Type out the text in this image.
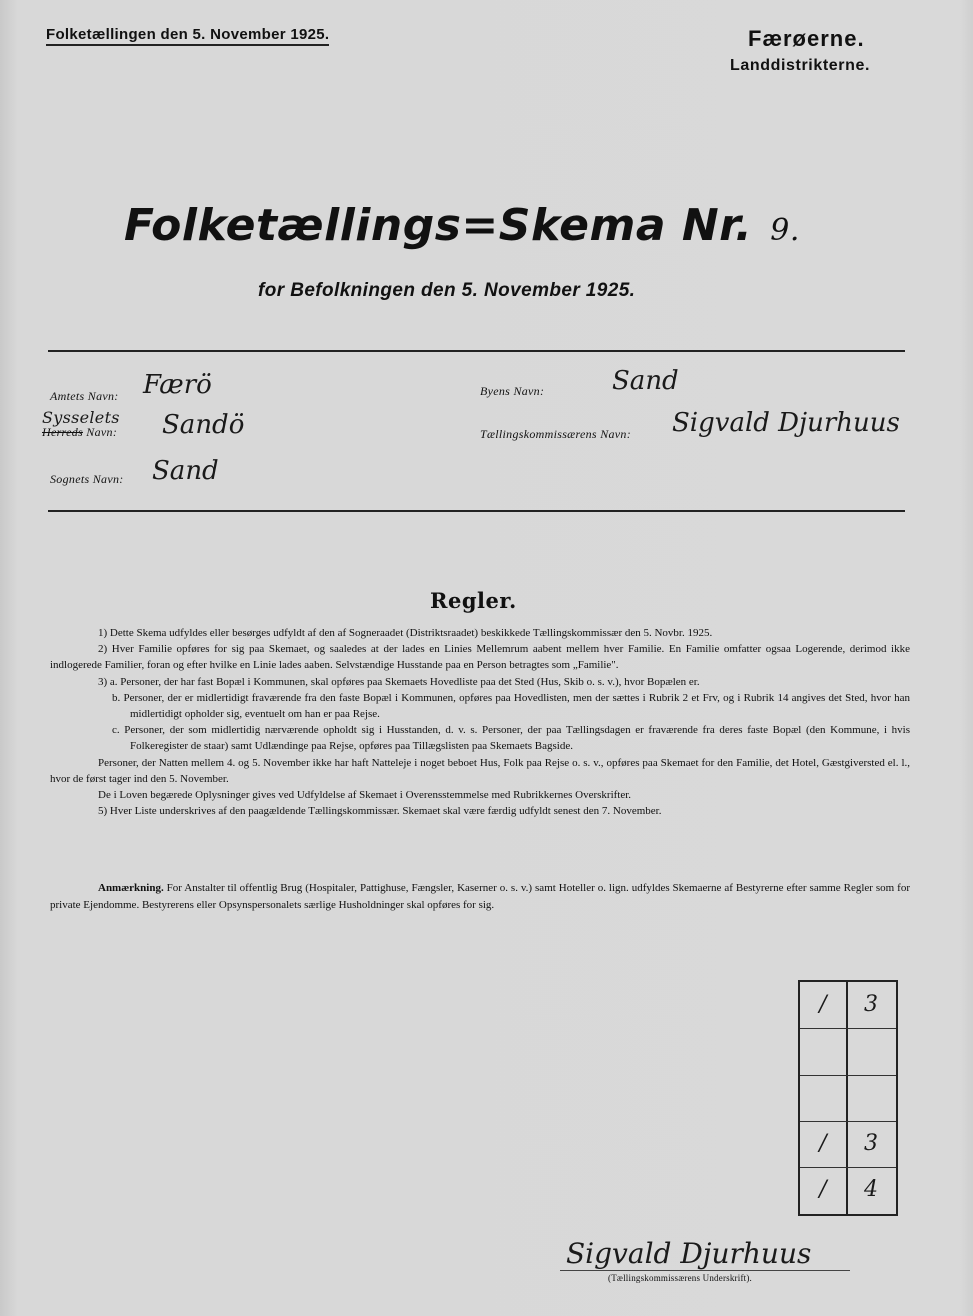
Folketællingen den 5. November 1925.	Færøerne.
Landdistrikterne.
Folketællings=Skema Nr. 9.
for Befolkningen den 5. November 1925.
Amtets Navn: Færö
Sysselets
Herreds Navn: Sandö
Sognets Navn: Sand
Byens Navn:	Sand
Tællingskommissærens Navn: Sigvald Djurhuus
Regler.

1) Dette Skema udfyldes eller besørges udfyldt af den af Sogneraadet (Distriktsraadet) beskikkede Tællingskommissær den 5. Novbr. 1925.

2) Hver Familie opføres for sig paa Skemaet, og saaledes at der lades en Linies Mellemrum aabent mellem hver Familie. En Familie omfatter ogsaa Logerende, derimod ikke indlogerede Familier, foran og efter hvilke en Linie lades aaben. Selvstændige Husstande paa en Person betragtes som „Familie".

3) a. Personer, der har fast Bopæl i Kommunen, skal opføres paa Skemaets Hovedliste paa det Sted (Hus, Skib o. s. v.), hvor Bopælen er.

b. Personer, der er midlertidigt fraværende fra den faste Bopæl i Kommunen, opføres paa Hovedlisten, men der sættes i Rubrik 2 et Frv, og i Rubrik 14 angives det Sted, hvor han midlertidigt opholder sig, eventuelt om han er paa Rejse.

c. Personer, der som midlertidig nærværende opholdt sig i Husstanden, d. v. s. Personer, der paa Tællingsdagen er fraværende fra deres faste Bopæl (den Kommune, i hvis Folkeregister de staar) samt Udlændinge paa Rejse, opføres paa Tillægslisten paa Skemaets Bagside.

Personer, der Natten mellem 4. og 5. November ikke har haft Natteleje i noget beboet Hus, Folk paa Rejse o. s. v., opføres paa Skemaet for den Familie, det Hotel, Gæstgiversted el. l., hvor de først tager ind den 5. November.

De i Loven begærede Oplysninger gives ved Udfyldelse af Skemaet i Overensstemmelse med Rubrikkernes Overskrifter.

5) Hver Liste underskrives af den paagældende Tællingskommissær. Skemaet skal være færdig udfyldt senest den 7. November.

Anmærkning. For Anstalter til offentlig Brug (Hospitaler, Pattighuse, Fængsler, Kaserner o. s. v.) samt Hoteller o. lign. udfyldes Skemaerne af Bestyrerne efter samme Regler som for private Ejendomme. Bestyrerens eller Opsynspersonalets særlige Husholdninger skal opføres for sig.
/	3
/	3
/	4
Sigvald Djurhuus
(Tællingskommissærens Underskrift).
